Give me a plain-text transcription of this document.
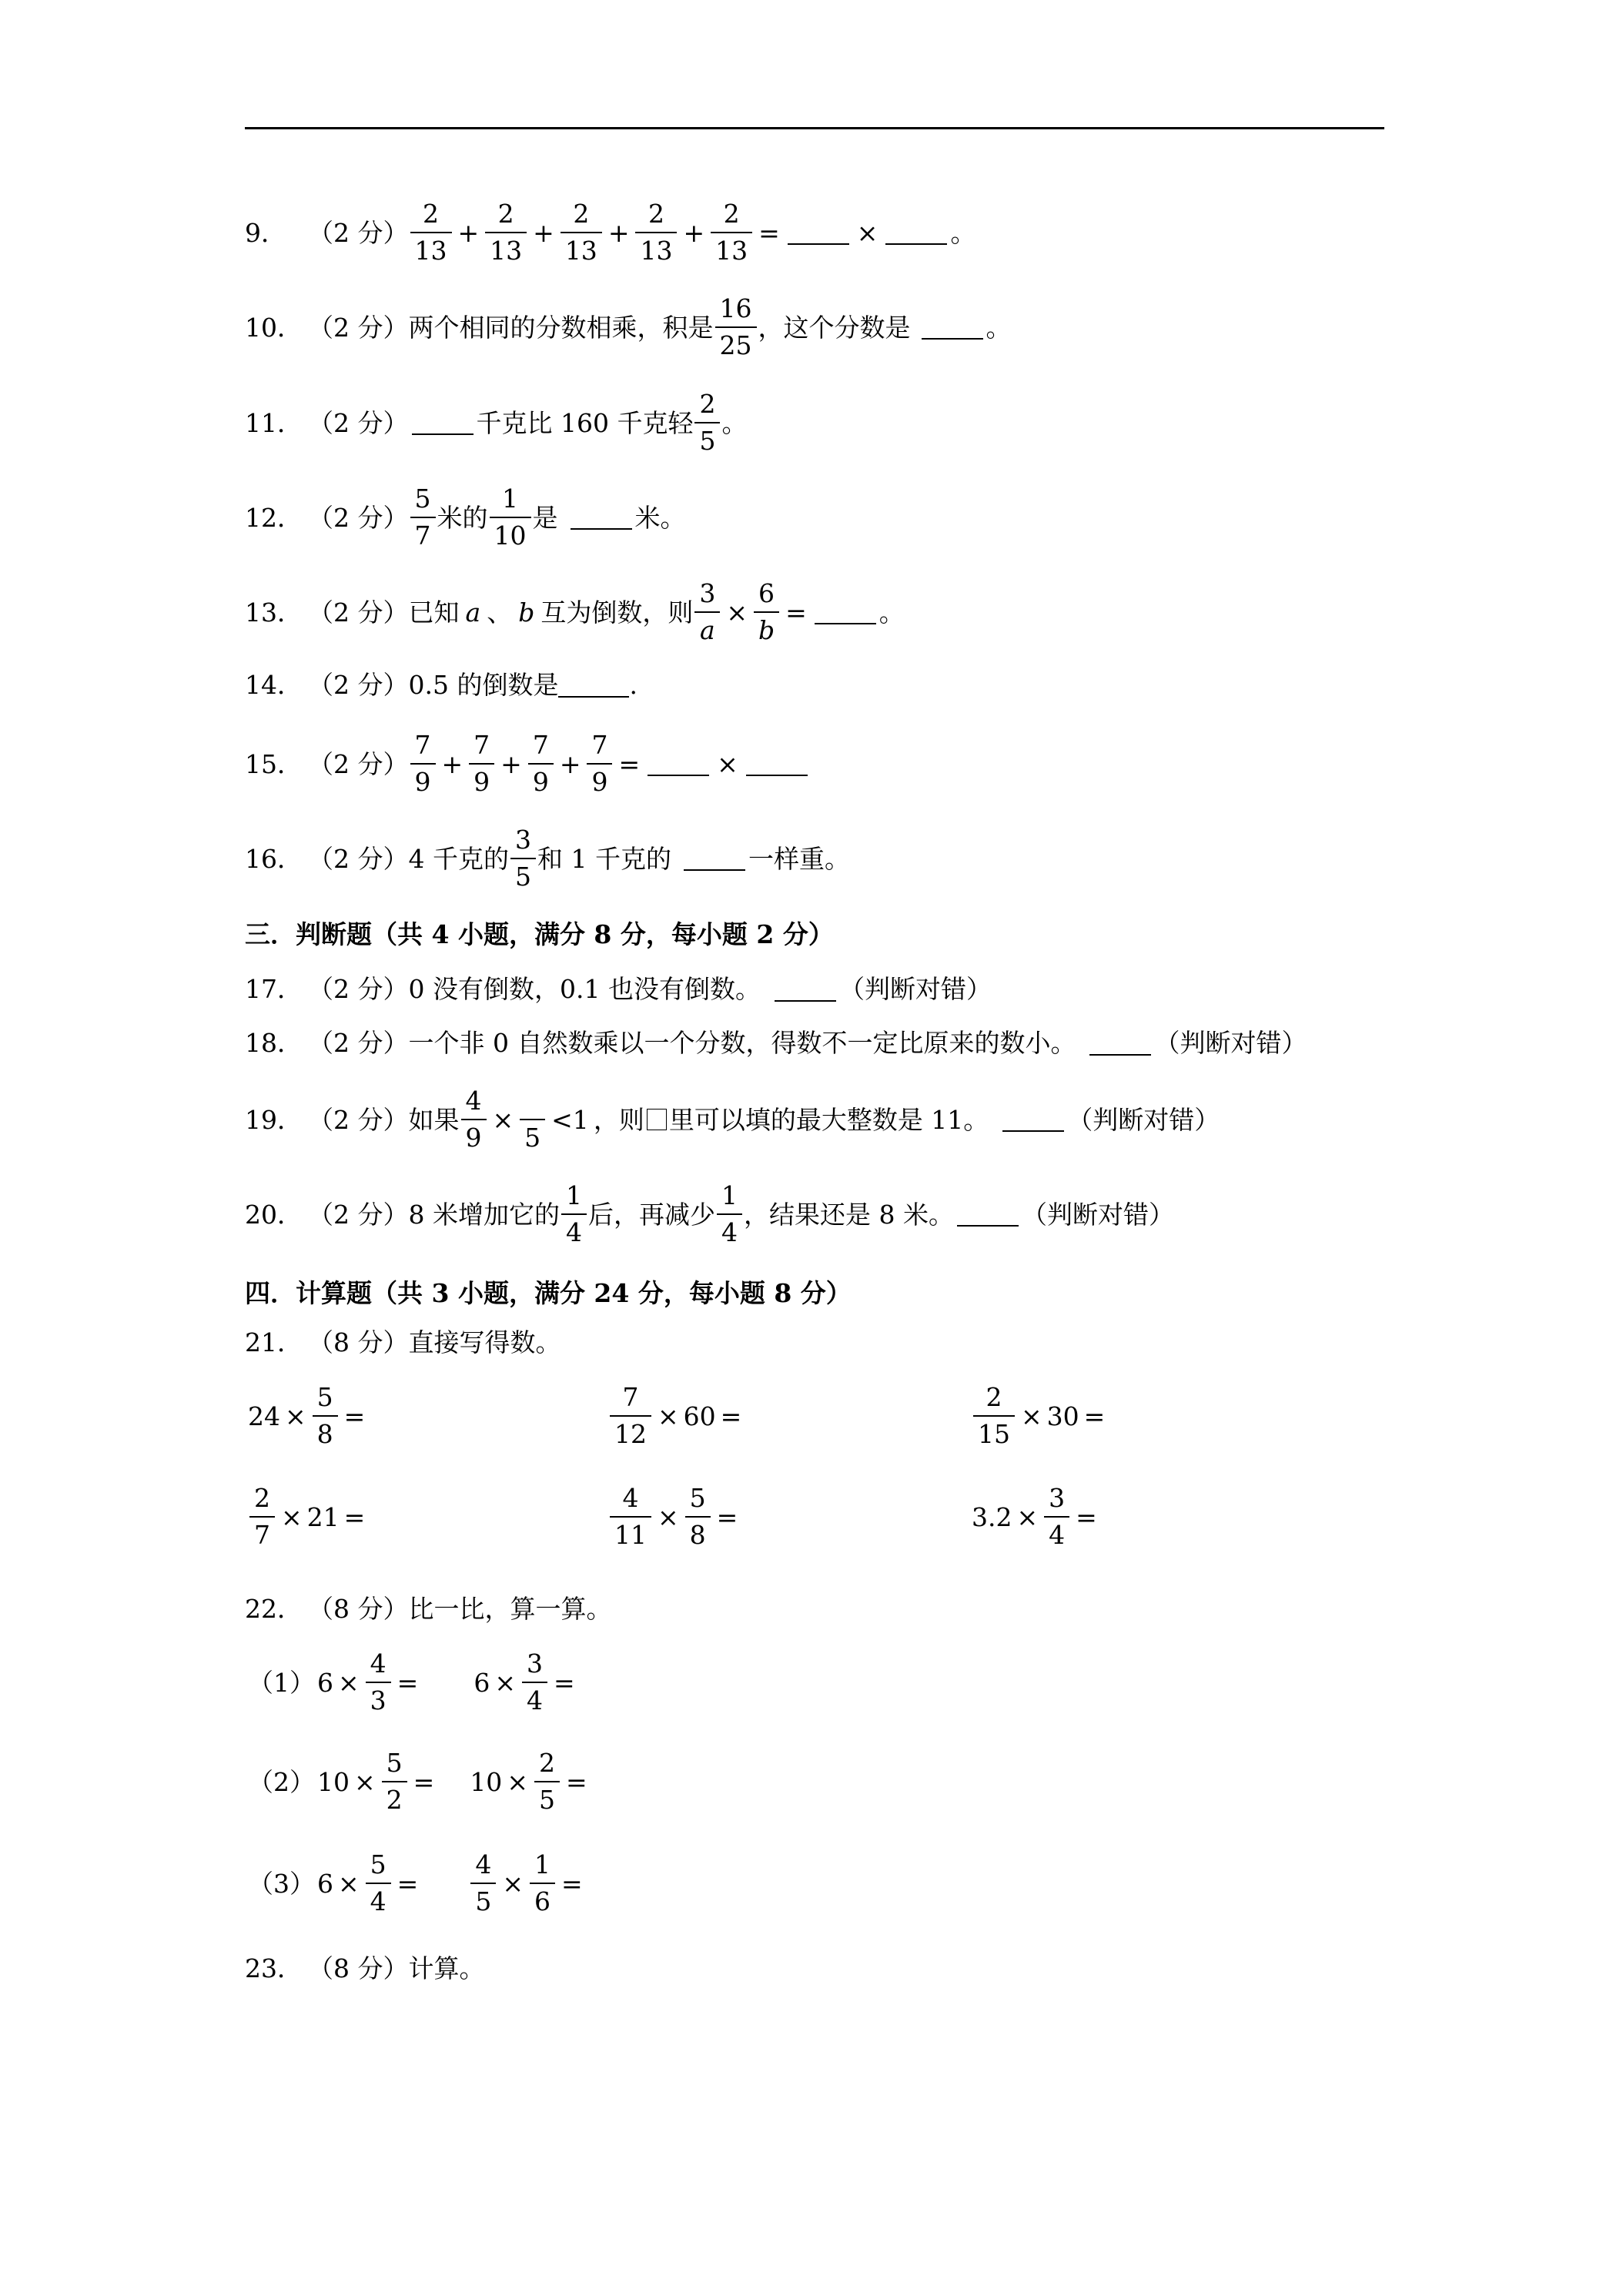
9． （2 分） $\frac{2}{13} + \frac{2}{13} + \frac{2}{13} + \frac{2}{13} + \frac{2}{13}$ =	×	。
10． （2 分） 两个相同的分数相乘，积是 $\frac{16}{25}$ ，这个分数是	。
11． （2 分）	千克比 160 千克轻 $\frac{2}{5}$ 。
12． （2 分） $\frac{5}{7}$ 米的 $\frac{1}{10}$ 是	米。
13． （2 分） 已知 a 、 b 互为倒数，则 $\frac{3}{a} \times \frac{6}{b}$ =	。
14． （2 分） 0.5 的倒数是	.
15． （2 分） $\frac{7}{9} + \frac{7}{9} + \frac{7}{9} + \frac{7}{9}$ =	×
16． （2 分） 4 千克的 $\frac{3}{5}$ 和 1 千克的	一样重。
三．判断题（共 4 小题，满分 8 分，每小题 2 分）
17． （2 分） 0 没有倒数，0.1 也没有倒数。	（判断对错）
18． （2 分） 一个非 0 自然数乘以一个分数，得数不一定比原来的数小。	（判断对错）
19． （2 分） 如果 $\frac{4}{9}$ ×

5
<1 ，则 里可以填的最大整数是 11。	（判断对错）
20． （2 分） 8 米增加它的 $\frac{1}{4}$ 后，再减少 $\frac{1}{4}$ ，结果还是 8 米。	（判断对错）
四．计算题（共 3 小题，满分 24 分，每小题 8 分）
21． （8 分） 直接写得数。
$24 \times \frac{5}{8}$ =	$\frac{7}{12} \times 60$ =	$\frac{2}{15} \times 30$ =
$\frac{2}{7} \times 21$ =	$\frac{4}{11} \times \frac{5}{8}$ =	$3.2 \times \frac{3}{4}$ =
22． （8 分） 比一比，算一算。
（1） $6 \times \frac{4}{3} = 6 \times \frac{3}{4}$ =
（2） $10 \times \frac{5}{2} = 10 \times \frac{2}{5}$ =
（3） $6 \times \frac{5}{4} = \frac{4}{5} \times \frac{1}{6}$ =
23． （8 分） 计算。
